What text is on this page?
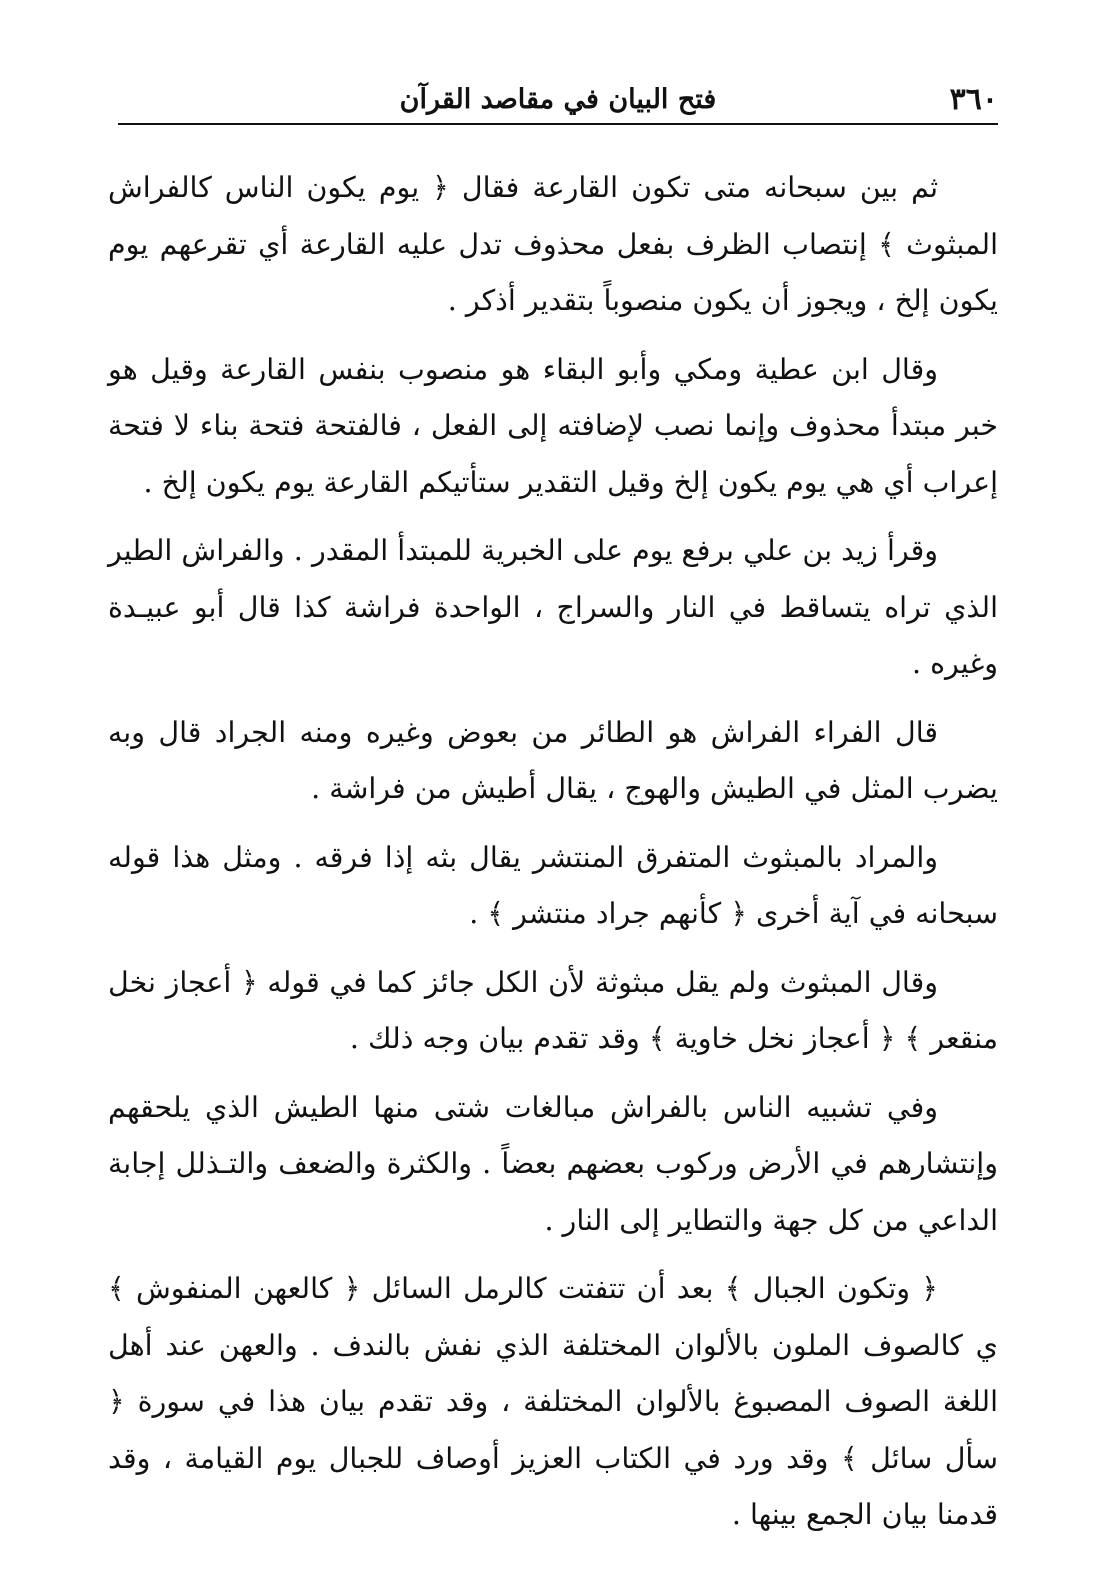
٣٦٠
فتح البيان في مقاصد القرآن

ثم بين سبحانه متى تكون القارعة فقال ﴿ يوم يكون الناس كالفراش المبثوث ﴾ إنتصاب الظرف بفعل محذوف تدل عليه القارعة أي تقرعهم يوم يكون إلخ ، ويجوز أن يكون منصوباً بتقدير أذكر .

وقال ابن عطية ومكي وأبو البقاء هو منصوب بنفس القارعة وقيل هو خبر مبتدأ محذوف وإنما نصب لإضافته إلى الفعل ، فالفتحة فتحة بناء لا فتحة إعراب أي هي يوم يكون إلخ وقيل التقدير ستأتيكم القارعة يوم يكون إلخ .

وقرأ زيد بن علي برفع يوم على الخبرية للمبتدأ المقدر . والفراش الطير الذي تراه يتساقط في النار والسراج ، الواحدة فراشة كذا قال أبو عبيـدة وغيره .

قال الفراء الفراش هو الطائر من بعوض وغيره ومنه الجراد قال وبه يضرب المثل في الطيش والهوج ، يقال أطيش من فراشة .

والمراد بالمبثوث المتفرق المنتشر يقال بثه إذا فرقه . ومثل هذا قوله سبحانه في آية أخرى ﴿ كأنهم جراد منتشر ﴾ .

وقال المبثوث ولم يقل مبثوثة لأن الكل جائز كما في قوله ﴿ أعجاز نخل منقعر ﴾ ﴿ أعجاز نخل خاوية ﴾ وقد تقدم بيان وجه ذلك .

وفي تشبيه الناس بالفراش مبالغات شتى منها الطيش الذي يلحقهم وإنتشارهم في الأرض وركوب بعضهم بعضاً . والكثرة والضعف والتـذلل إجابة الداعي من كل جهة والتطاير إلى النار .

﴿ وتكون الجبال ﴾ بعد أن تتفتت كالرمل السائل ﴿ كالعهن المنفوش ﴾ ي كالصوف الملون بالألوان المختلفة الذي نفش بالندف . والعهن عند أهل اللغة الصوف المصبوغ بالألوان المختلفة ، وقد تقدم بيان هذا في سورة ﴿ سأل سائل ﴾ وقد ورد في الكتاب العزيز أوصاف للجبال يوم القيامة ، وقد قدمنا بيان الجمع بينها .
